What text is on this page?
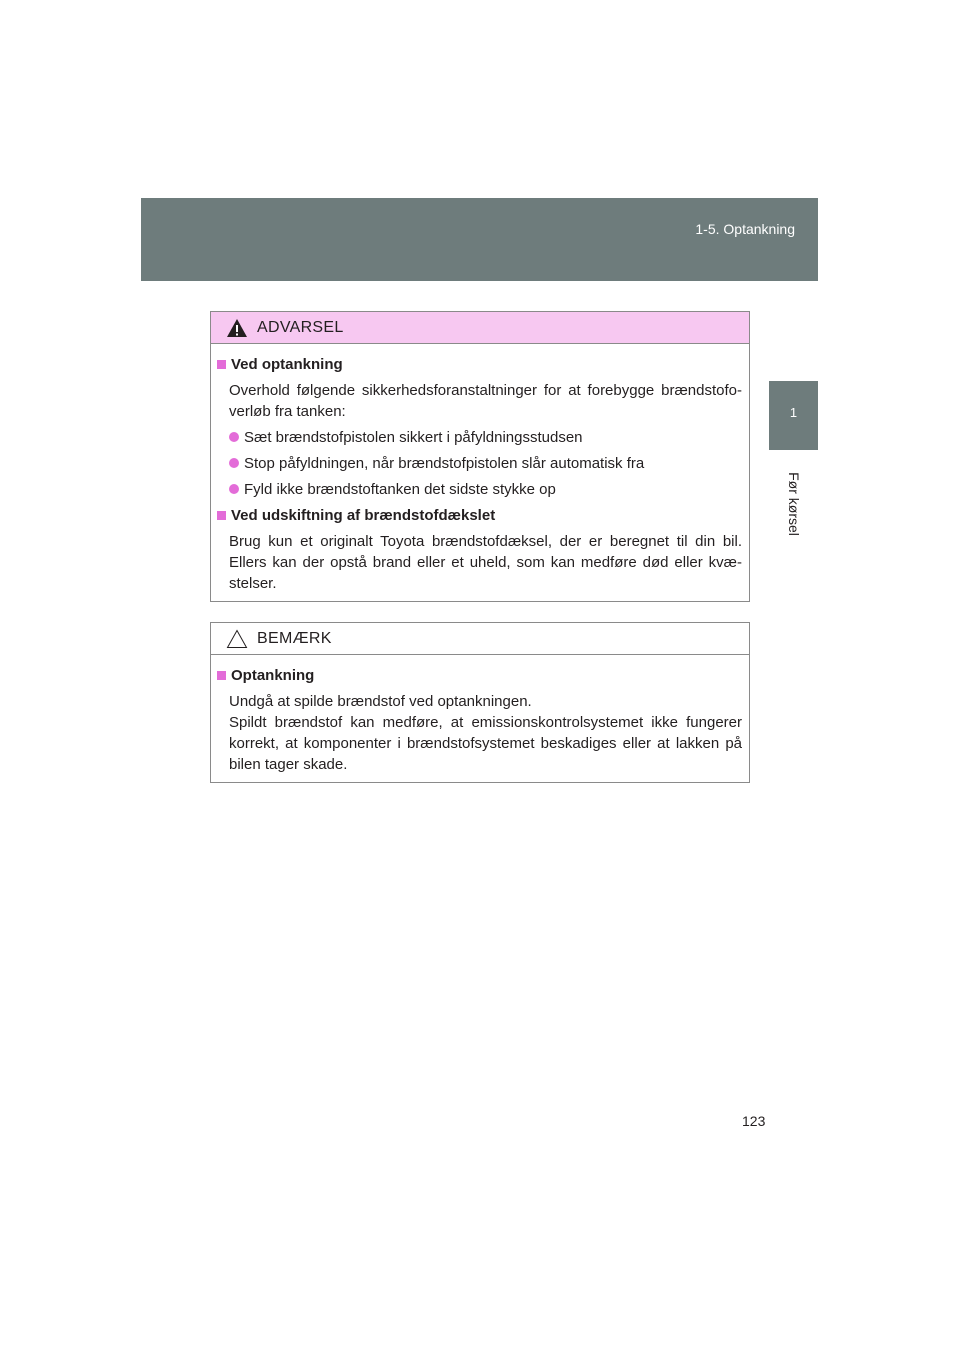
1-5. Optankning
1
Før kørsel
ADVARSEL
Ved optankning
Overhold følgende sikkerhedsforanstaltninger for at forebygge brændstofo-verløb fra tanken:
Sæt brændstofpistolen sikkert i påfyldningsstudsen
Stop påfyldningen, når brændstofpistolen slår automatisk fra
Fyld ikke brændstoftanken det sidste stykke op
Ved udskiftning af brændstofdækslet
Brug kun et originalt Toyota brændstofdæksel, der er beregnet til din bil. Ellers kan der opstå brand eller et uheld, som kan medføre død eller kvæ-stelser.
BEMÆRK
Optankning
Undgå at spilde brændstof ved optankningen.
Spildt brændstof kan medføre, at emissionskontrolsystemet ikke fungerer korrekt, at komponenter i brændstofsystemet beskadiges eller at lakken på bilen tager skade.
123
